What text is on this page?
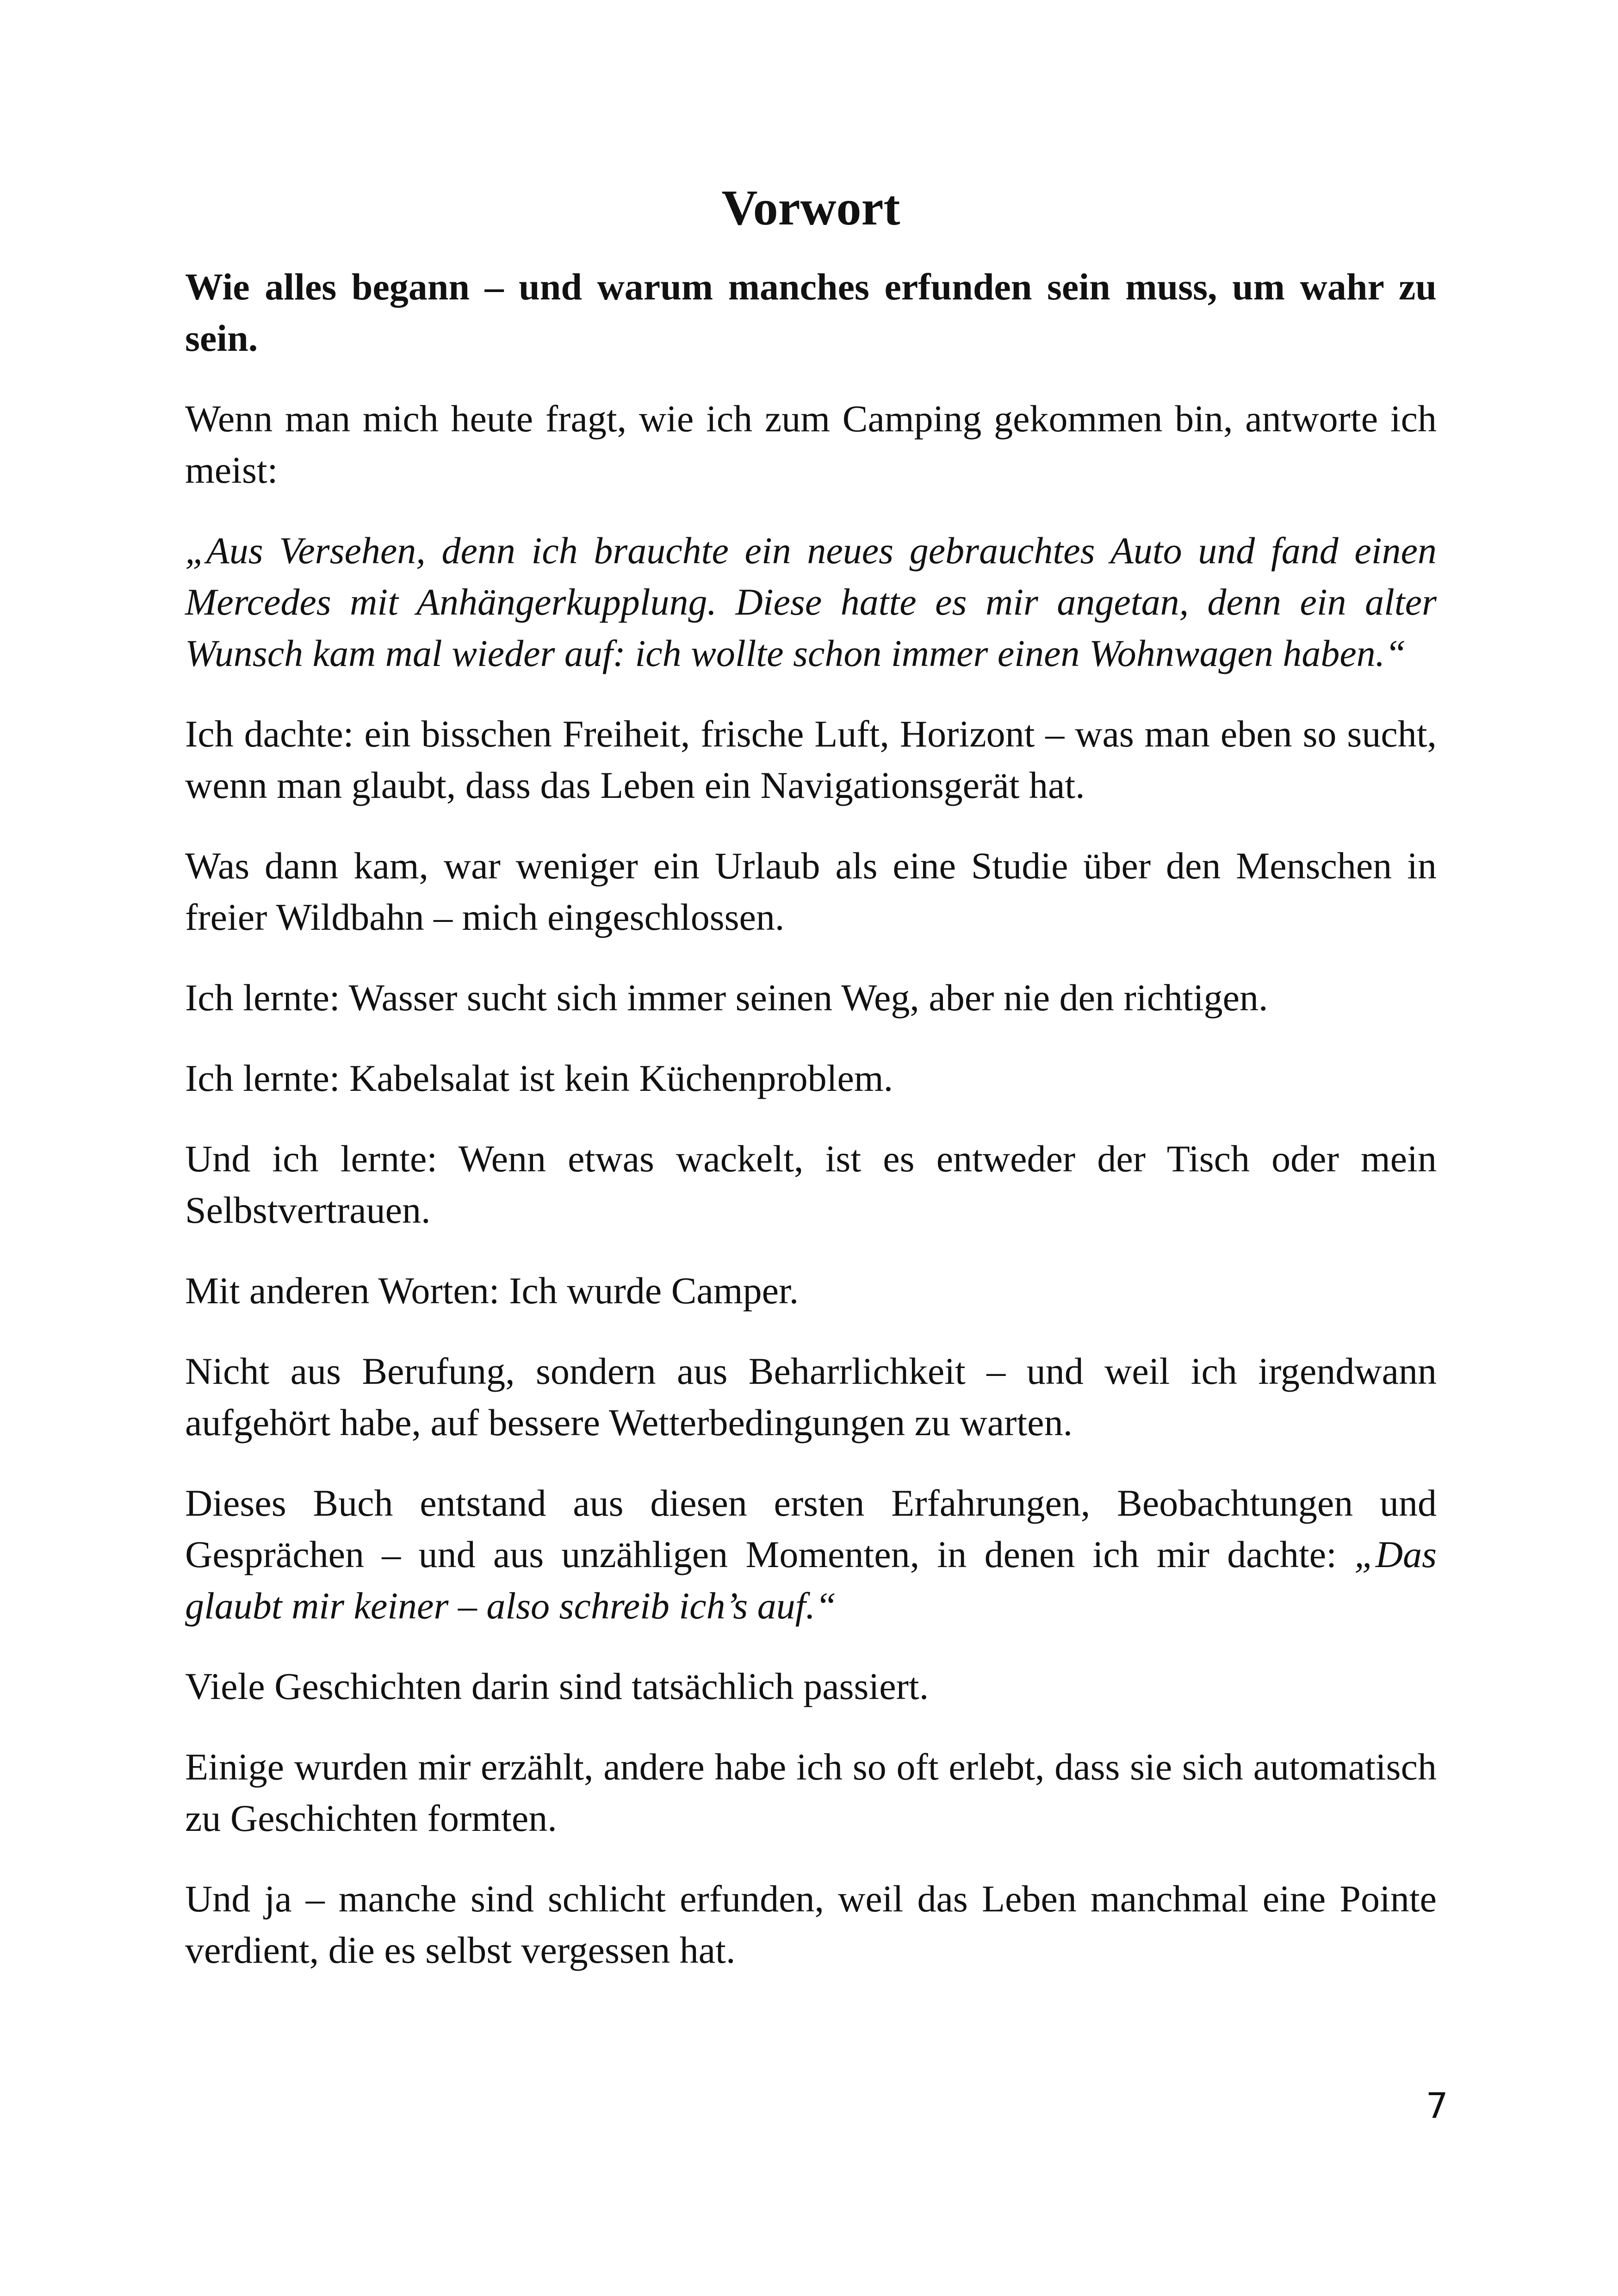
Vorwort

Wie alles begann – und warum manches erfunden sein muss, um wahr zu sein.

Wenn man mich heute fragt, wie ich zum Camping gekommen bin, antworte ich meist:

„Aus Versehen, denn ich brauchte ein neues gebrauchtes Auto und fand einen Mercedes mit Anhängerkupplung. Diese hatte es mir angetan, denn ein alter Wunsch kam mal wieder auf: ich wollte schon immer einen Wohnwagen haben.“

Ich dachte: ein bisschen Freiheit, frische Luft, Horizont – was man eben so sucht, wenn man glaubt, dass das Leben ein Navigationsgerät hat.

Was dann kam, war weniger ein Urlaub als eine Studie über den Menschen in freier Wildbahn – mich eingeschlossen.

Ich lernte: Wasser sucht sich immer seinen Weg, aber nie den richtigen.

Ich lernte: Kabelsalat ist kein Küchenproblem.

Und ich lernte: Wenn etwas wackelt, ist es entweder der Tisch oder mein Selbstvertrauen.

Mit anderen Worten: Ich wurde Camper.

Nicht aus Berufung, sondern aus Beharrlichkeit – und weil ich irgendwann aufgehört habe, auf bessere Wetterbedingungen zu warten.

Dieses Buch entstand aus diesen ersten Erfahrungen, Beobachtungen und Gesprächen – und aus unzähligen Momenten, in denen ich mir dachte: „Das glaubt mir keiner – also schreib ich’s auf.“

Viele Geschichten darin sind tatsächlich passiert.

Einige wurden mir erzählt, andere habe ich so oft erlebt, dass sie sich automatisch zu Geschichten formten.

Und ja – manche sind schlicht erfunden, weil das Leben manchmal eine Pointe verdient, die es selbst vergessen hat.

7
